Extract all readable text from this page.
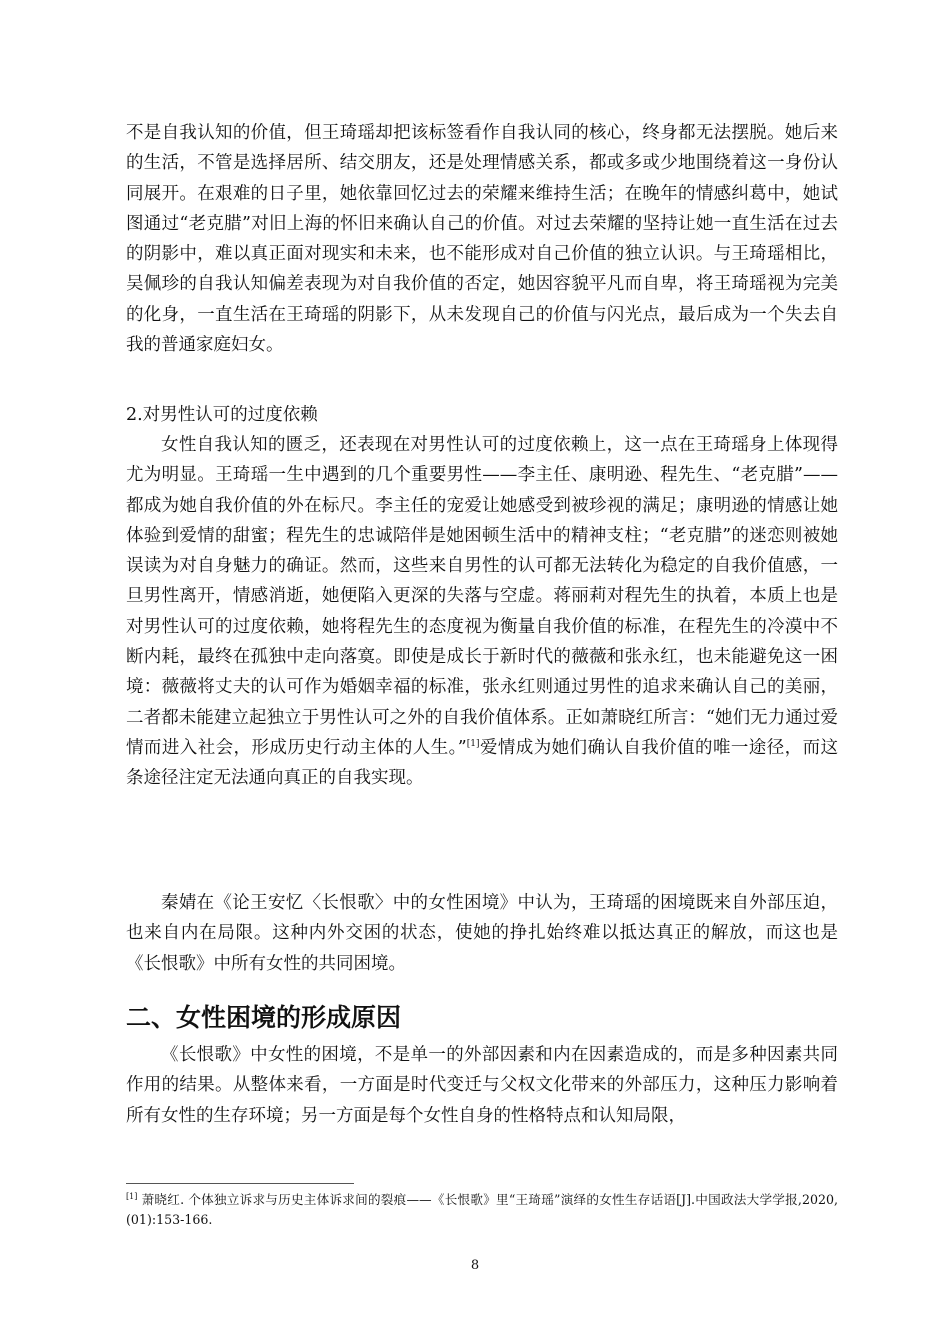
不是自我认知的价值，但王琦瑶却把该标签看作自我认同的核心，终身都无法摆脱。她后来的生活，不管是选择居所、结交朋友，还是处理情感关系，都或多或少地围绕着这一身份认同展开。在艰难的日子里，她依靠回忆过去的荣耀来维持生活；在晚年的情感纠葛中，她试图通过“老克腊”对旧上海的怀旧来确认自己的价值。对过去荣耀的坚持让她一直生活在过去的阴影中，难以真正面对现实和未来，也不能形成对自己价值的独立认识。与王琦瑶相比，吴佩珍的自我认知偏差表现为对自我价值的否定，她因容貌平凡而自卑，将王琦瑶视为完美的化身，一直生活在王琦瑶的阴影下，从未发现自己的价值与闪光点，最后成为一个失去自我的普通家庭妇女。

2.对男性认可的过度依赖

女性自我认知的匮乏，还表现在对男性认可的过度依赖上，这一点在王琦瑶身上体现得尤为明显。王琦瑶一生中遇到的几个重要男性——李主任、康明逊、程先生、“老克腊”——都成为她自我价值的外在标尺。李主任的宠爱让她感受到被珍视的满足；康明逊的情感让她体验到爱情的甜蜜；程先生的忠诚陪伴是她困顿生活中的精神支柱；“老克腊”的迷恋则被她误读为对自身魅力的确证。然而，这些来自男性的认可都无法转化为稳定的自我价值感，一旦男性离开，情感消逝，她便陷入更深的失落与空虚。蒋丽莉对程先生的执着，本质上也是对男性认可的过度依赖，她将程先生的态度视为衡量自我价值的标准，在程先生的冷漠中不断内耗，最终在孤独中走向落寞。即使是成长于新时代的薇薇和张永红，也未能避免这一困境：薇薇将丈夫的认可作为婚姻幸福的标准，张永红则通过男性的追求来确认自己的美丽，二者都未能建立起独立于男性认可之外的自我价值体系。正如萧晓红所言：“她们无力通过爱情而进入社会，形成历史行动主体的人生。”[1]爱情成为她们确认自我价值的唯一途径，而这条途径注定无法通向真正的自我实现。

秦婧在《论王安忆〈长恨歌〉中的女性困境》中认为，王琦瑶的困境既来自外部压迫，也来自内在局限。这种内外交困的状态，使她的挣扎始终难以抵达真正的解放，而这也是《长恨歌》中所有女性的共同困境。

二、女性困境的形成原因

《长恨歌》中女性的困境，不是单一的外部因素和内在因素造成的，而是多种因素共同作用的结果。从整体来看，一方面是时代变迁与父权文化带来的外部压力，这种压力影响着所有女性的生存环境；另一方面是每个女性自身的性格特点和认知局限，

[1] 萧晓红. 个体独立诉求与历史主体诉求间的裂痕——《长恨歌》里“王琦瑶”演绎的女性生存话语[J].中国政法大学学报,2020,(01):153-166.

8
